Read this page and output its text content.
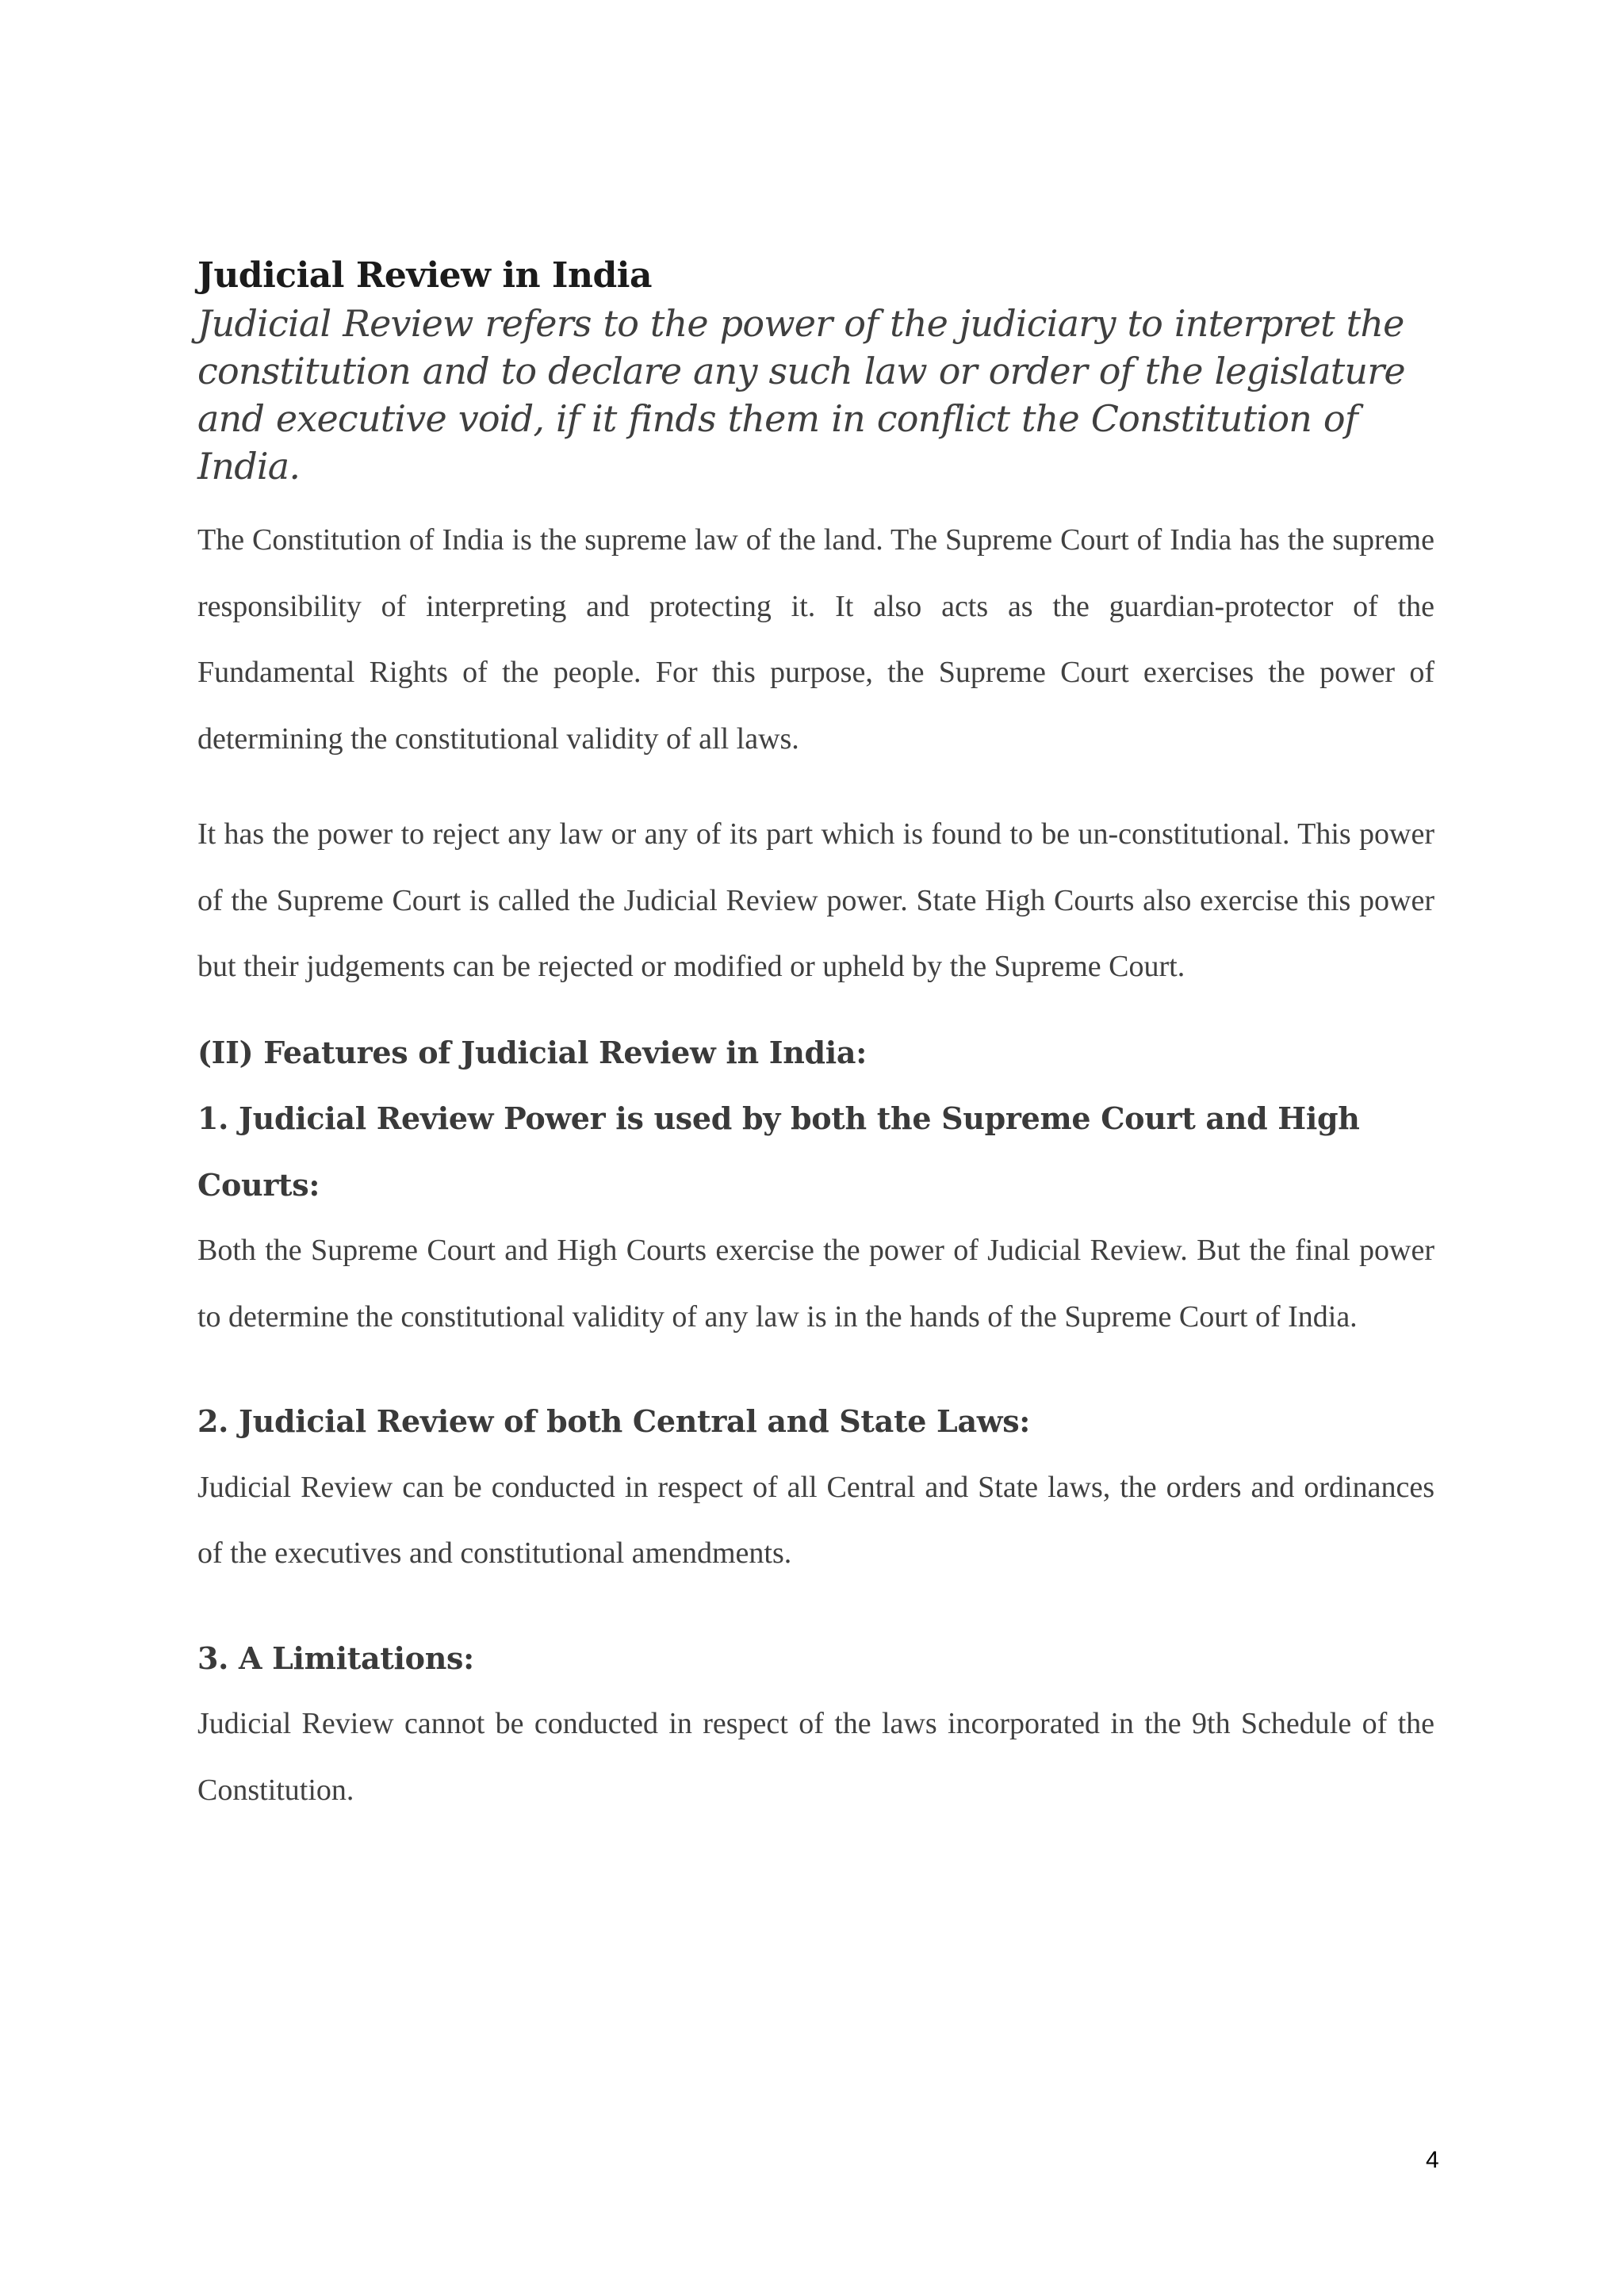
Judicial Review in India

Judicial Review refers to the power of the judiciary to interpret the constitution and to declare any such law or order of the legislature and executive void, if it finds them in conflict the Constitution of India.

The Constitution of India is the supreme law of the land. The Supreme Court of India has the supreme responsibility of interpreting and protecting it. It also acts as the guardian-protector of the Fundamental Rights of the people. For this purpose, the Supreme Court exercises the power of determining the constitutional validity of all laws.

It has the power to reject any law or any of its part which is found to be un-constitutional. This power of the Supreme Court is called the Judicial Review power. State High Courts also exercise this power but their judgements can be rejected or modified or upheld by the Supreme Court.

(II) Features of Judicial Review in India:
1. Judicial Review Power is used by both the Supreme Court and High Courts:

Both the Supreme Court and High Courts exercise the power of Judicial Review. But the final power to determine the constitutional validity of any law is in the hands of the Supreme Court of India.

2. Judicial Review of both Central and State Laws:

Judicial Review can be conducted in respect of all Central and State laws, the orders and ordinances of the executives and constitutional amendments.

3. A Limitations:

Judicial Review cannot be conducted in respect of the laws incorporated in the 9th Schedule of the Constitution.

4
